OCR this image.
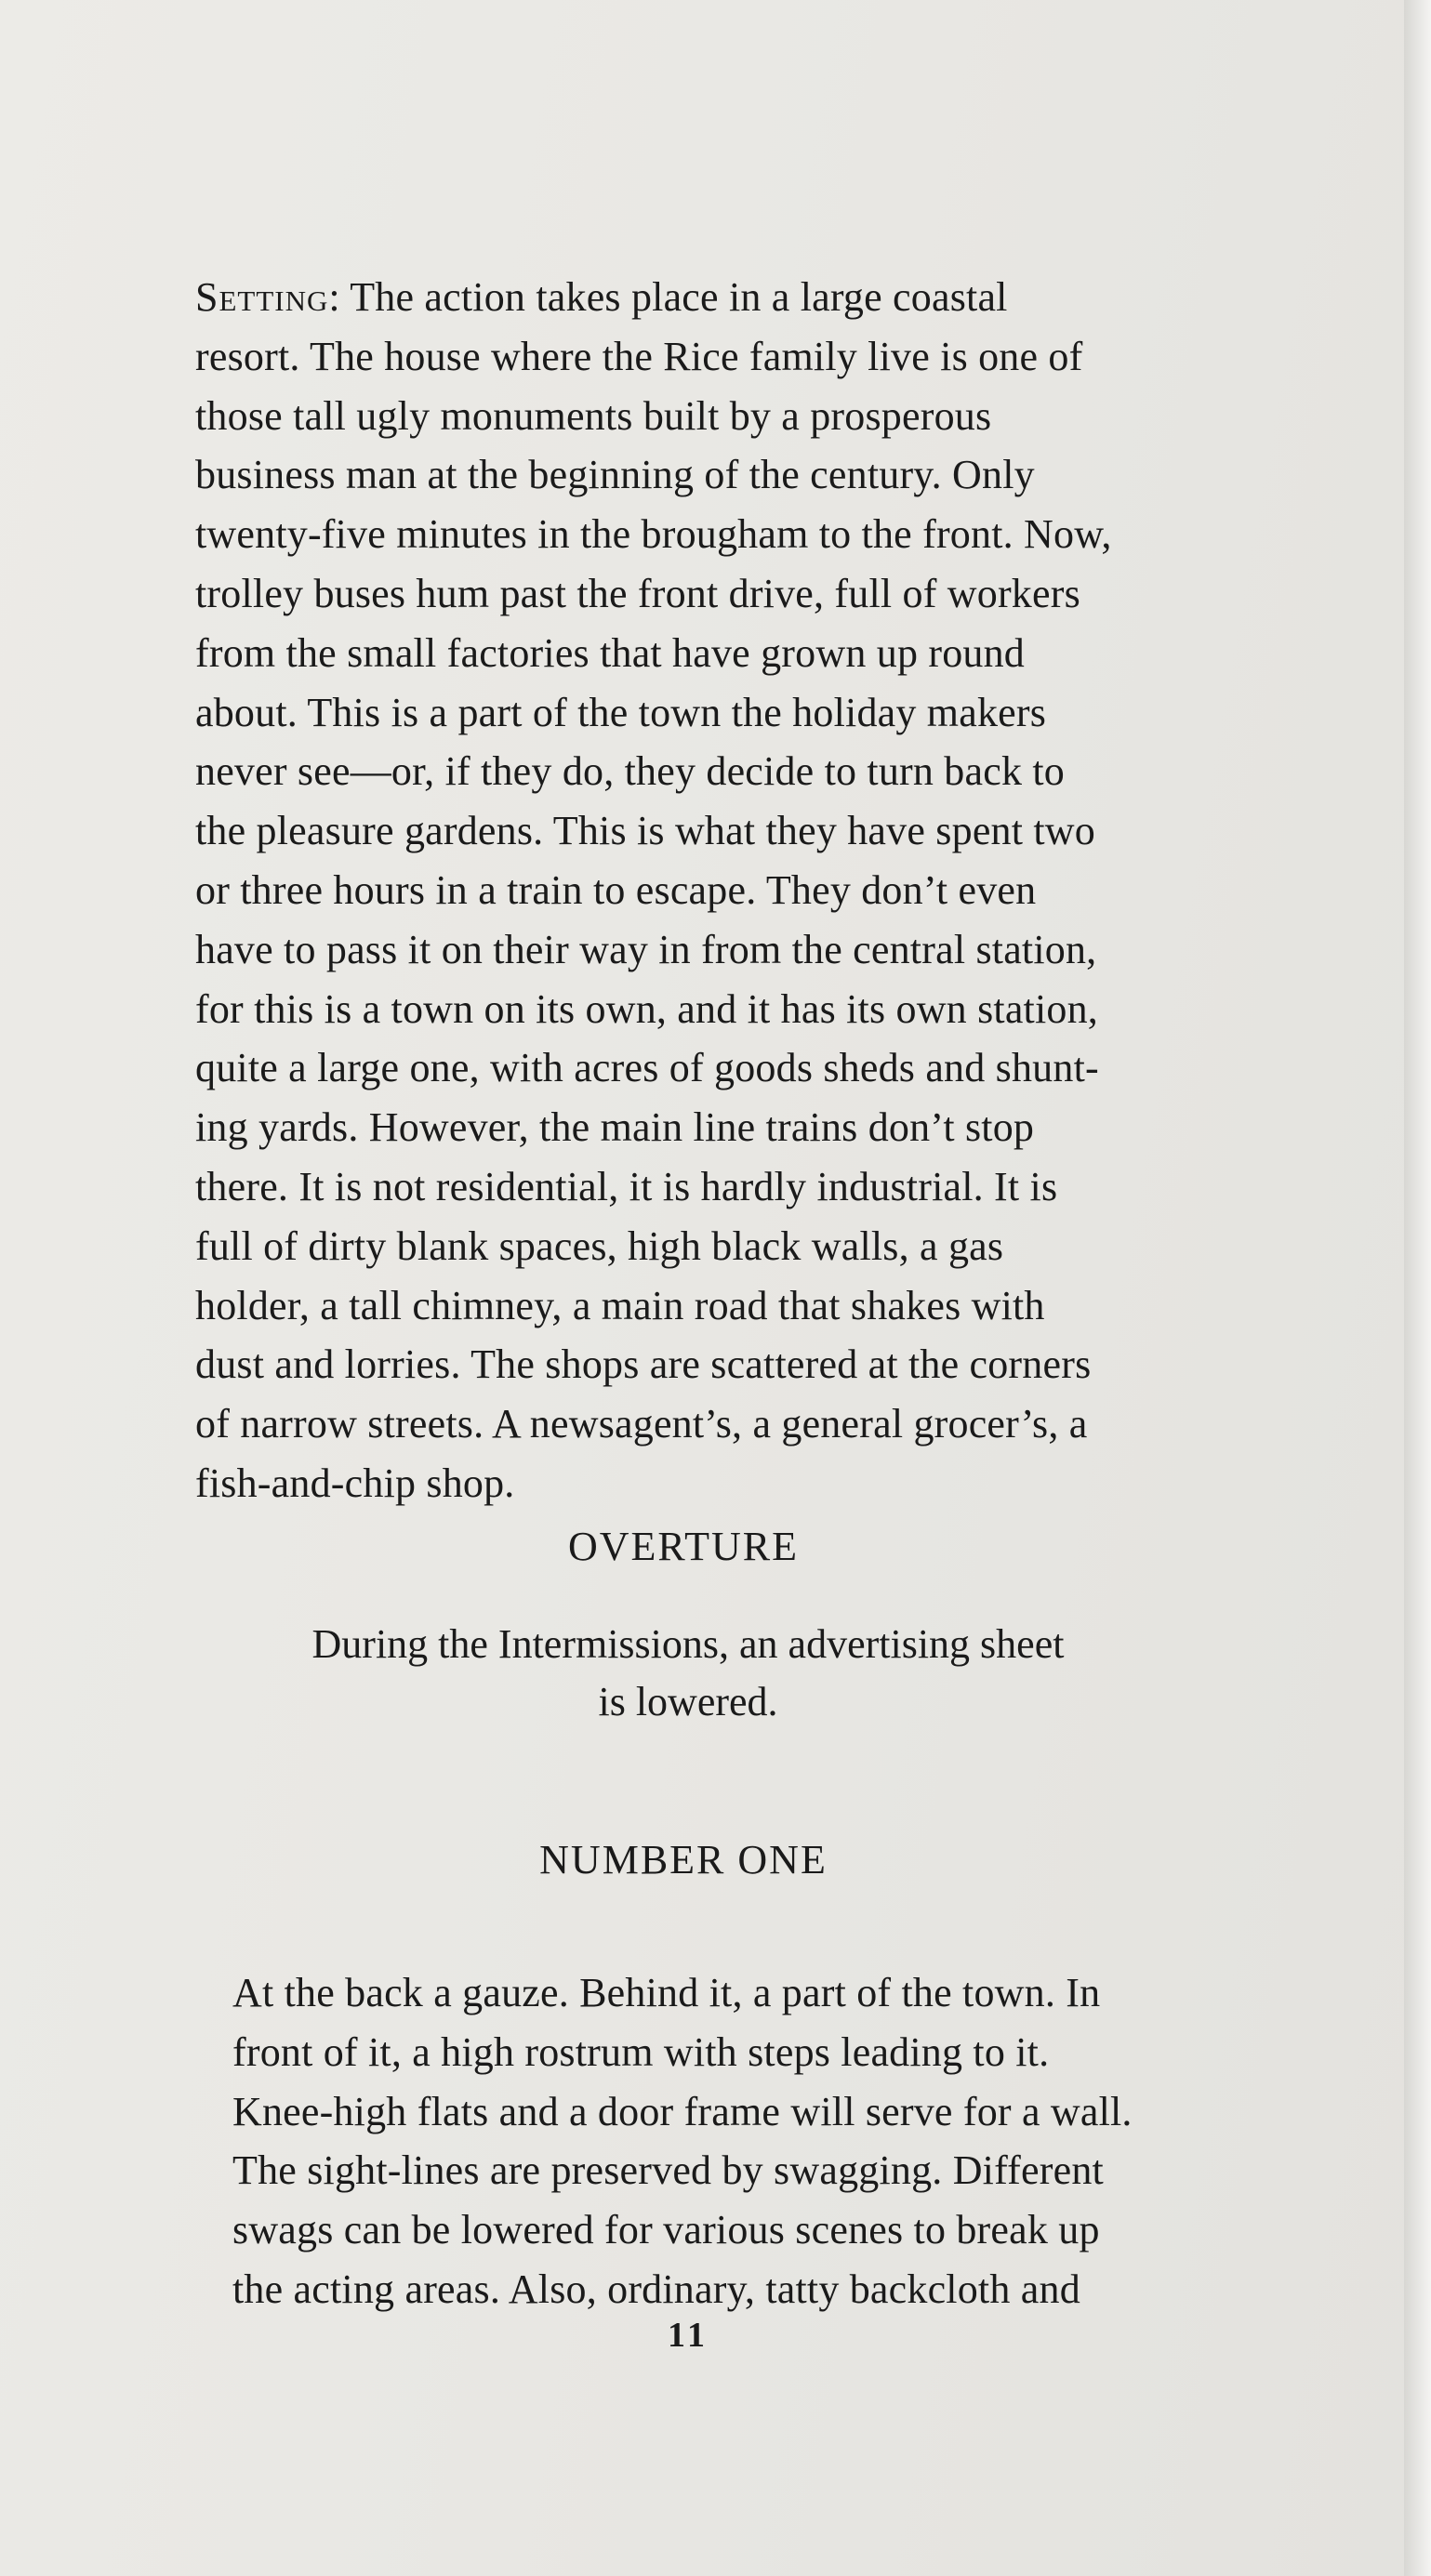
Setting: The action takes place in a large coastal
resort. The house where the Rice family live is one of
those tall ugly monuments built by a prosperous
business man at the beginning of the century. Only
twenty-five minutes in the brougham to the front. Now,
trolley buses hum past the front drive, full of workers
from the small factories that have grown up round
about. This is a part of the town the holiday makers
never see—or, if they do, they decide to turn back to
the pleasure gardens. This is what they have spent two
or three hours in a train to escape. They don’t even
have to pass it on their way in from the central station,
for this is a town on its own, and it has its own station,
quite a large one, with acres of goods sheds and shunt-
ing yards. However, the main line trains don’t stop
there. It is not residential, it is hardly industrial. It is
full of dirty blank spaces, high black walls, a gas
holder, a tall chimney, a main road that shakes with
dust and lorries. The shops are scattered at the corners
of narrow streets. A newsagent’s, a general grocer’s, a
fish-and-chip shop.
OVERTURE
During the Intermissions, an advertising sheet
is lowered.
NUMBER ONE
At the back a gauze. Behind it, a part of the town. In
front of it, a high rostrum with steps leading to it.
Knee-high flats and a door frame will serve for a wall.
The sight-lines are preserved by swagging. Different
swags can be lowered for various scenes to break up
the acting areas. Also, ordinary, tatty backcloth and
11
